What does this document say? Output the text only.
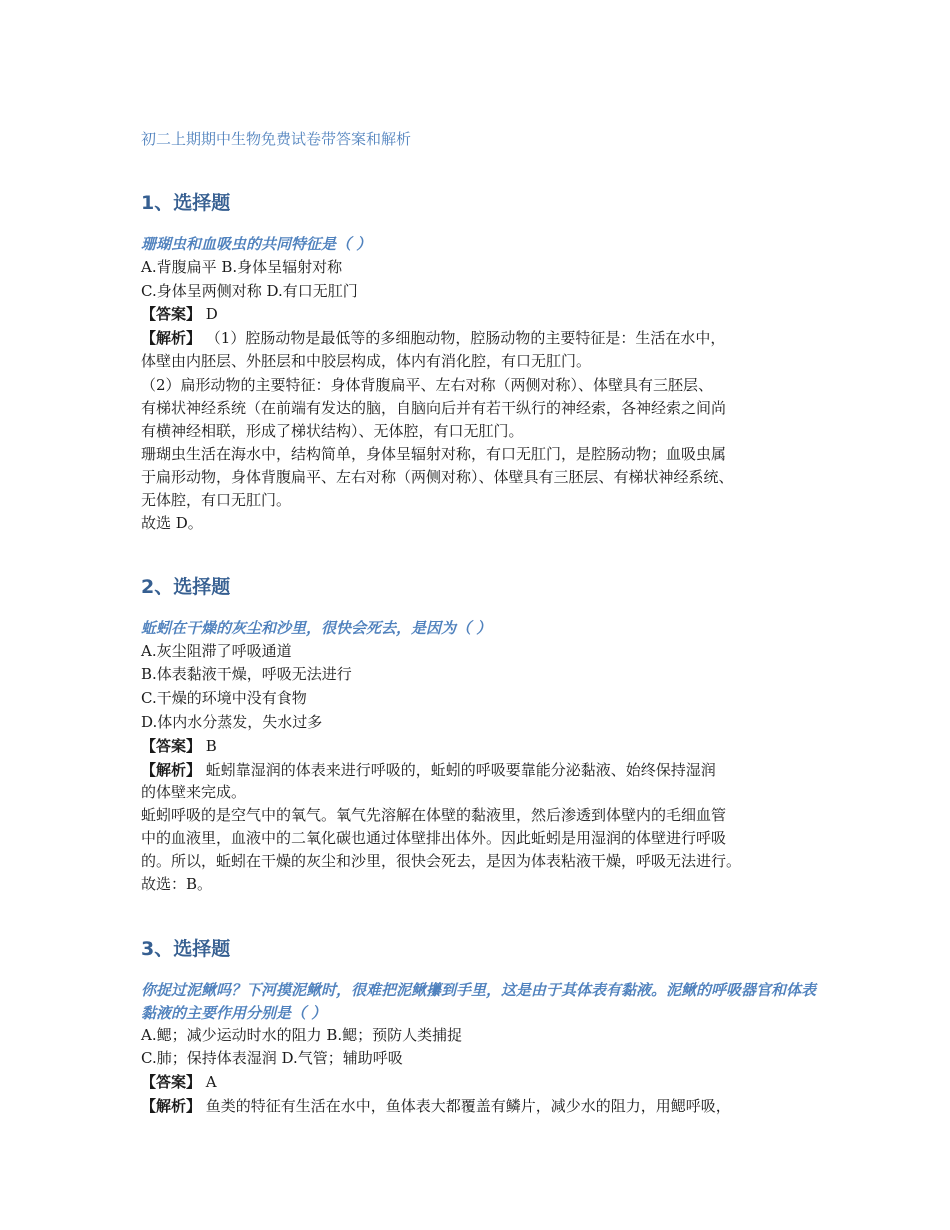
初二上期期中生物免费试卷带答案和解析
1、选择题
珊瑚虫和血吸虫的共同特征是（ ）
A.背腹扁平 B.身体呈辐射对称
C.身体呈两侧对称 D.有口无肛门
【答案】 D
【解析】 （1）腔肠动物是最低等的多细胞动物，腔肠动物的主要特征是：生活在水中，
体壁由内胚层、外胚层和中胶层构成，体内有消化腔，有口无肛门。
（2）扁形动物的主要特征：身体背腹扁平、左右对称（两侧对称）、体壁具有三胚层、
有梯状神经系统（在前端有发达的脑，自脑向后并有若干纵行的神经索，各神经索之间尚
有横神经相联，形成了梯状结构）、无体腔，有口无肛门。
珊瑚虫生活在海水中，结构简单，身体呈辐射对称，有口无肛门，是腔肠动物；血吸虫属
于扁形动物，身体背腹扁平、左右对称（两侧对称）、体壁具有三胚层、有梯状神经系统、
无体腔，有口无肛门。
故选 D。
2、选择题
蚯蚓在干燥的灰尘和沙里，很快会死去，是因为（ ）
A.灰尘阻滞了呼吸通道
B.体表黏液干燥，呼吸无法进行
C.干燥的环境中没有食物
D.体内水分蒸发，失水过多
【答案】 B
【解析】 蚯蚓靠湿润的体表来进行呼吸的，蚯蚓的呼吸要靠能分泌黏液、始终保持湿润
的体壁来完成。
蚯蚓呼吸的是空气中的氧气。氧气先溶解在体壁的黏液里，然后渗透到体壁内的毛细血管
中的血液里，血液中的二氧化碳也通过体壁排出体外。因此蚯蚓是用湿润的体壁进行呼吸
的。所以，蚯蚓在干燥的灰尘和沙里，很快会死去，是因为体表粘液干燥，呼吸无法进行。
故选：B。
3、选择题
你捉过泥鳅吗？下河摸泥鳅时，很难把泥鳅攥到手里，这是由于其体表有黏液。泥鳅的呼吸器官和体表黏液的主要作用分别是（ ）
A.鳃；减少运动时水的阻力 B.鳃；预防人类捕捉
C.肺；保持体表湿润 D.气管；辅助呼吸
【答案】 A
【解析】 鱼类的特征有生活在水中，鱼体表大都覆盖有鳞片，减少水的阻力，用鳃呼吸，
